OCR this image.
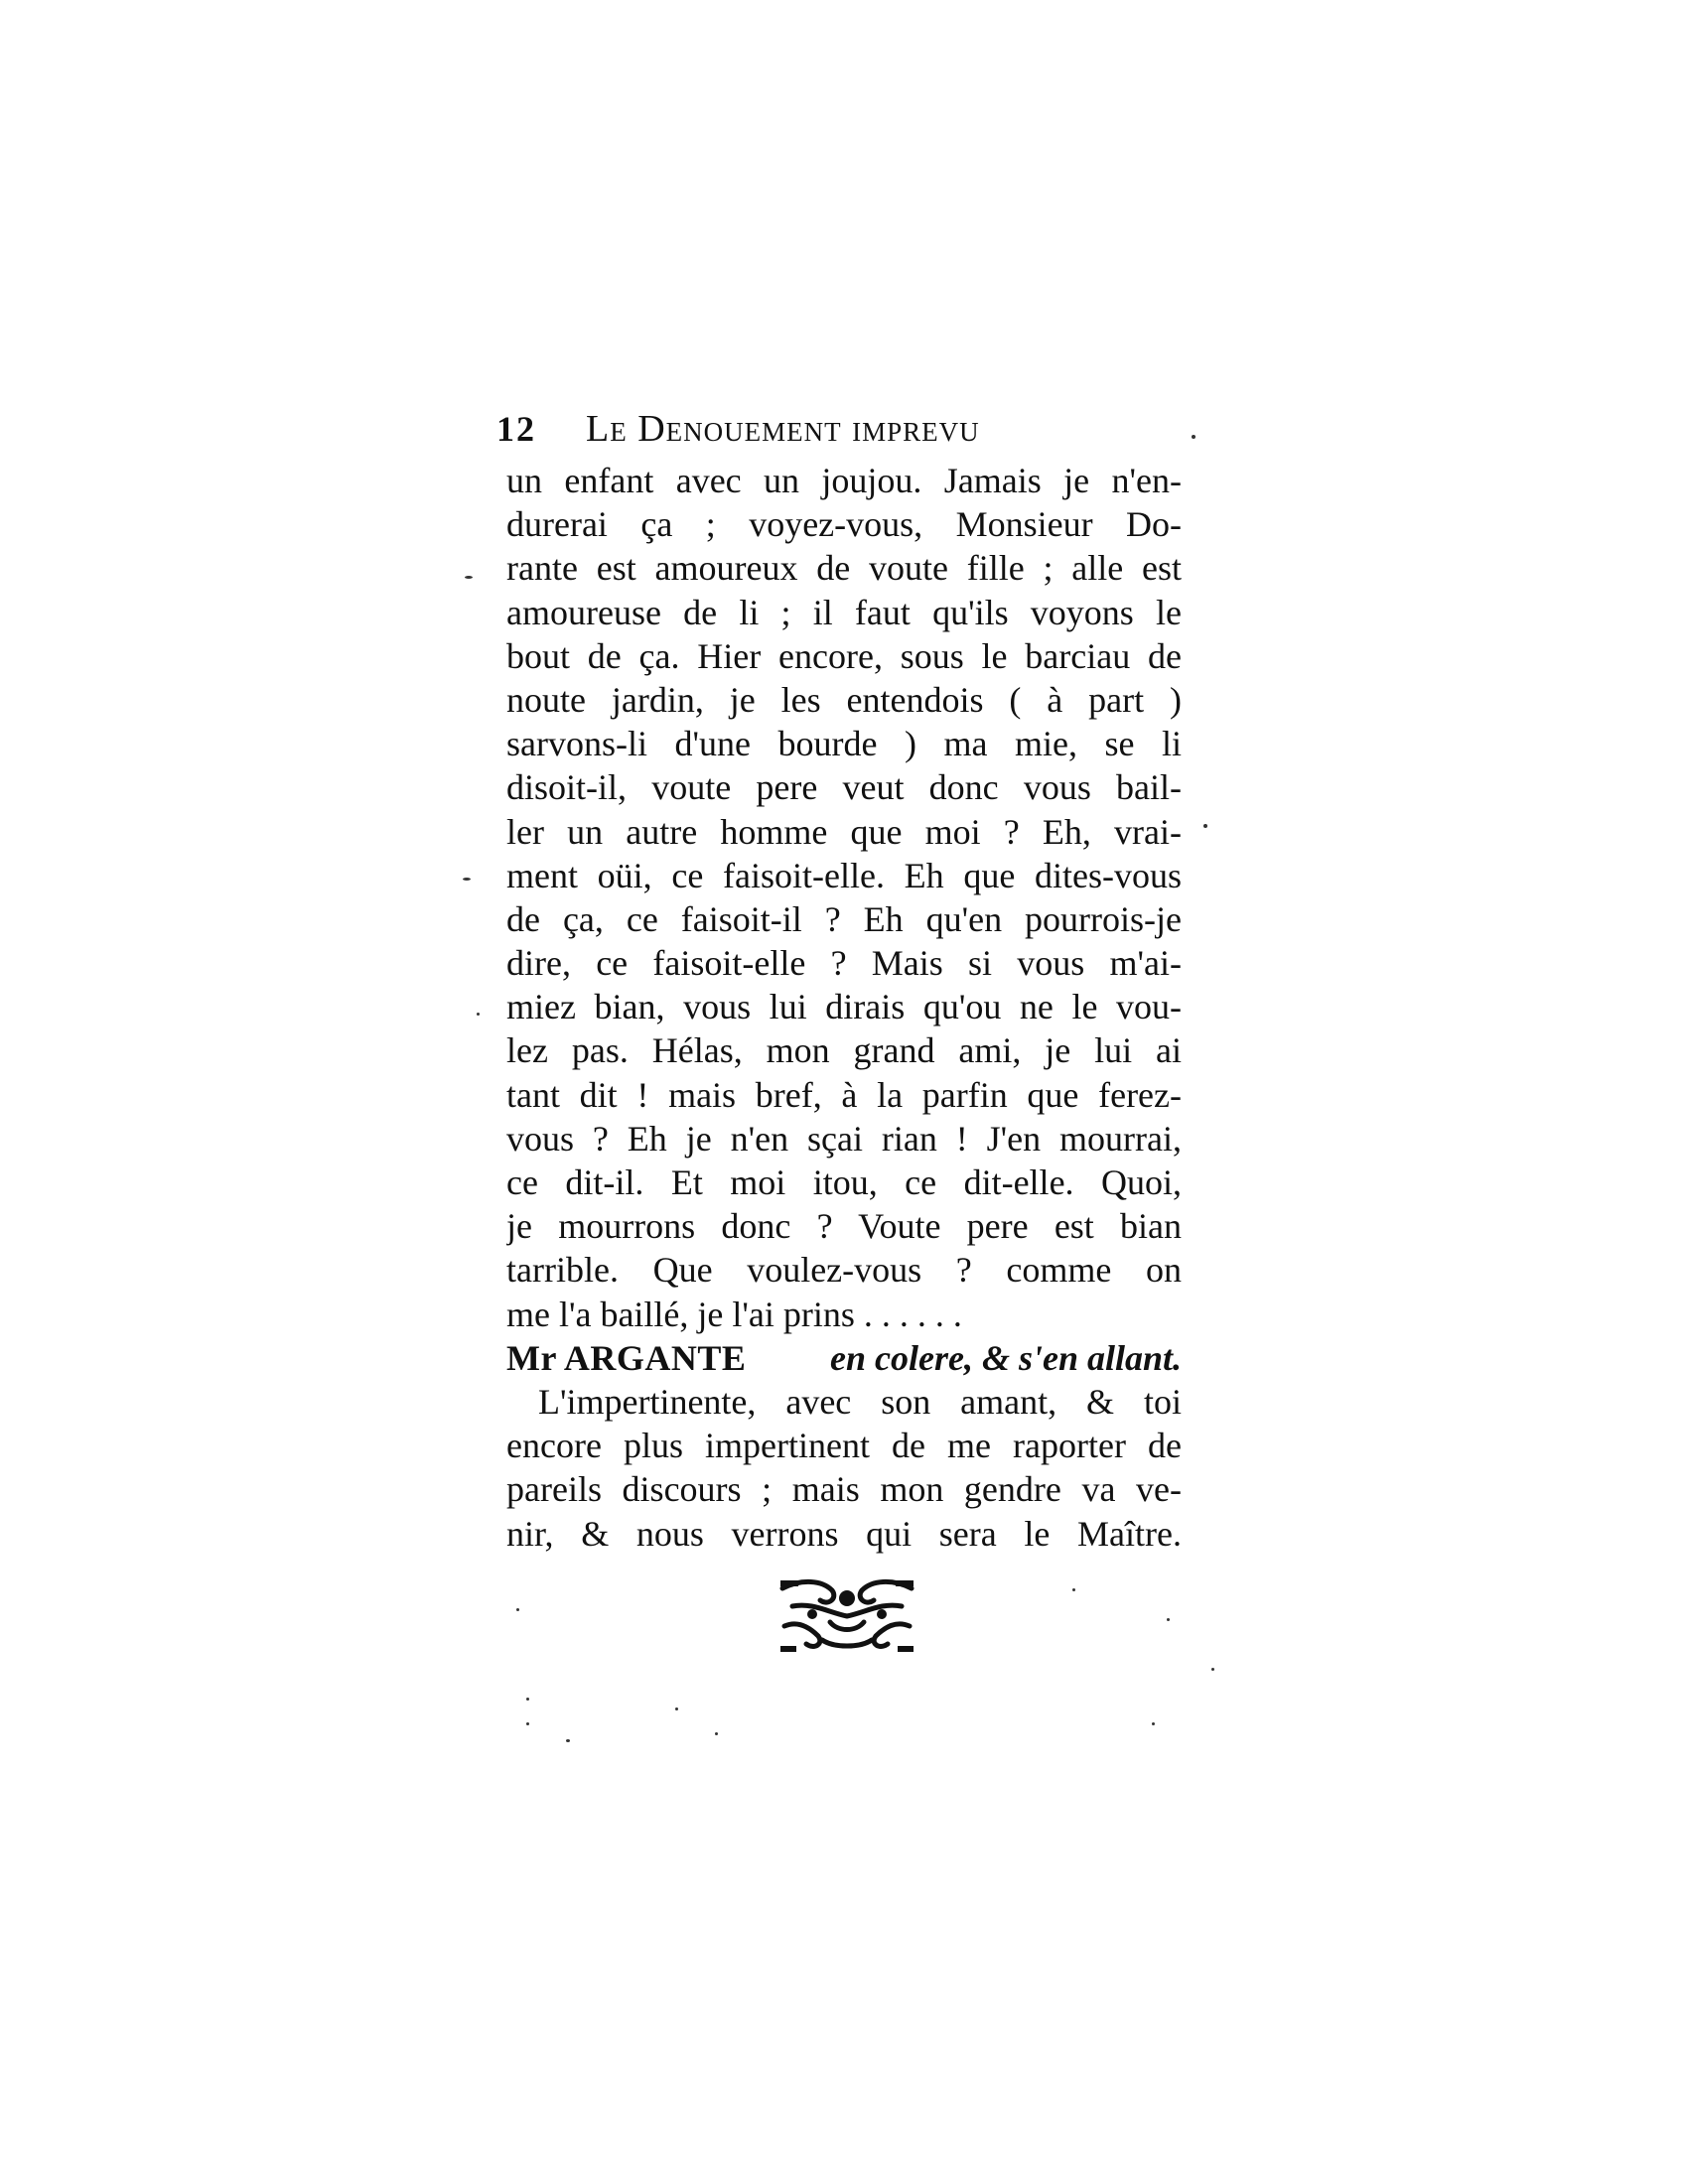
12	Le Denouement imprevu
un enfant avec un joujou. Jamais je n'en-
durerai ça ; voyez-vous, Monsieur Do-
rante est amoureux de voute fille ; alle est
amoureuse de li ; il faut qu'ils voyons le
bout de ça. Hier encore, sous le barciau de
noute jardin, je les entendois ( à part )
sarvons-li d'une bourde ) ma mie, se li
disoit-il, voute pere veut donc vous bail-
ler un autre homme que moi ? Eh, vrai-
ment oüi, ce faisoit-elle. Eh que dites-vous
de ça, ce faisoit-il ? Eh qu'en pourrois-je
dire, ce faisoit-elle ? Mais si vous m'ai-
miez bian, vous lui dirais qu'ou ne le vou-
lez pas. Hélas, mon grand ami, je lui ai
tant dit ! mais bref, à la parfin que ferez-
vous ? Eh je n'en sçai rian ! J'en mourrai,
ce dit-il. Et moi itou, ce dit-elle. Quoi,
je mourrons donc ? Voute pere est bian
tarrible. Que voulez-vous ? comme on
me l'a baillé, je l'ai prins . . . . . .
Mr ARGANTE en colere, & s'en allant.
L'impertinente, avec son amant, & toi
encore plus impertinent de me raporter de
pareils discours ; mais mon gendre va ve-
nir, & nous verrons qui sera le Maître.
